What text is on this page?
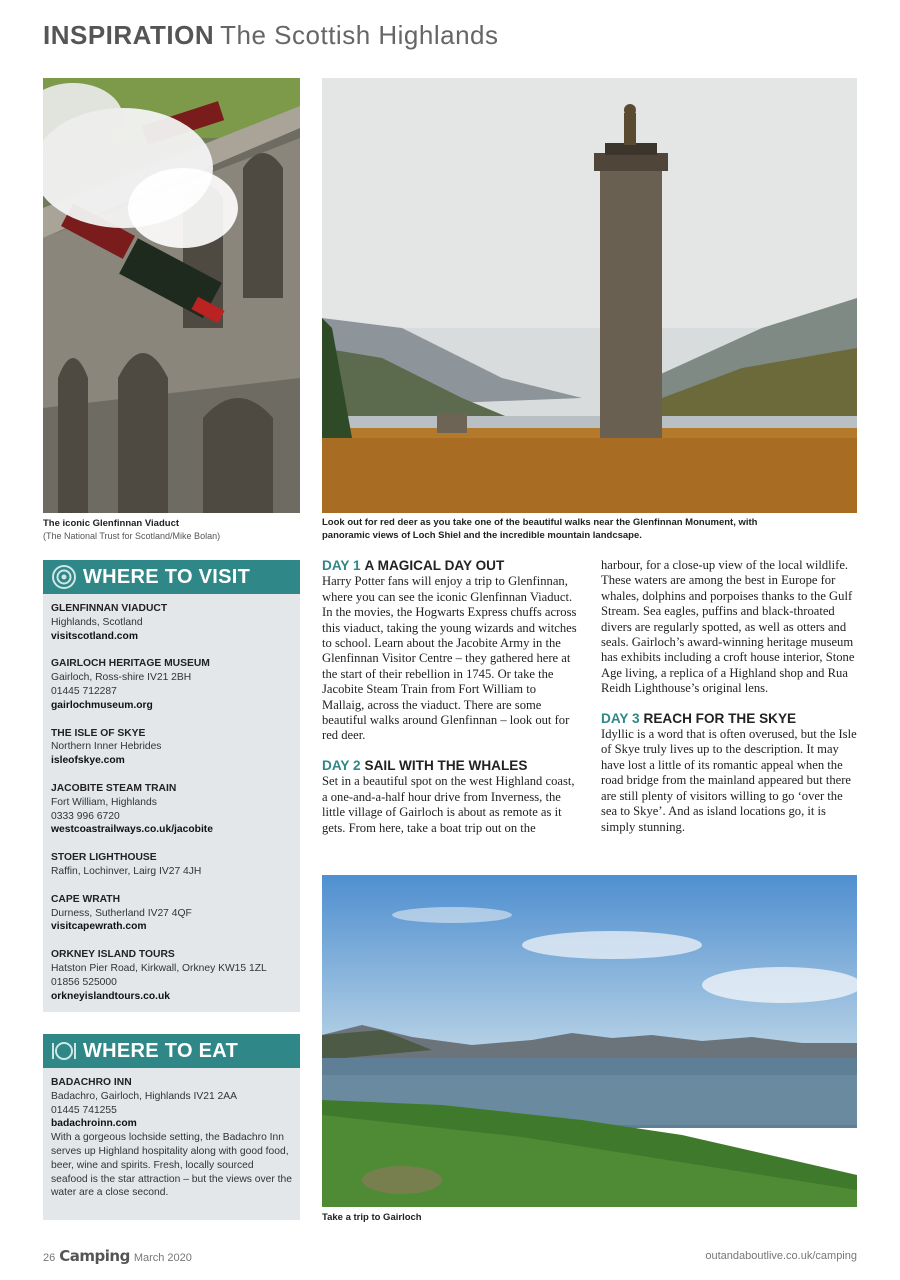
INSPIRATION The Scottish Highlands
The iconic Glenfinnan Viaduct
(The National Trust for Scotland/Mike Bolan)
Look out for red deer as you take one of the beautiful walks near the Glenfinnan Monument, with panoramic views of Loch Shiel and the incredible mountain landcsape.
WHERE TO VISIT
GLENFINNAN VIADUCT
Highlands, Scotland
visitscotland.com
GAIRLOCH HERITAGE MUSEUM
Gairloch, Ross-shire IV21 2BH
01445 712287
gairlochmuseum.org
THE ISLE OF SKYE
Northern Inner Hebrides
isleofskye.com
JACOBITE STEAM TRAIN
Fort William, Highlands
0333 996 6720
westcoastrailways.co.uk/jacobite
STOER LIGHTHOUSE
Raffin, Lochinver, Lairg IV27 4JH
CAPE WRATH
Durness, Sutherland IV27 4QF
visitcapewrath.com
ORKNEY ISLAND TOURS
Hatston Pier Road, Kirkwall, Orkney KW15 1ZL
01856 525000
orkneyislandtours.co.uk
WHERE TO EAT
BADACHRO INN
Badachro, Gairloch, Highlands IV21 2AA
01445 741255
badachroinn.com
With a gorgeous lochside setting, the Badachro Inn serves up Highland hospitality along with good food, beer, wine and spirits. Fresh, locally sourced seafood is the star attraction – but the views over the water are a close second.
DAY 1 A MAGICAL DAY OUT

Harry Potter fans will enjoy a trip to Glenfinnan, where you can see the iconic Glenfinnan Viaduct. In the movies, the Hogwarts Express chuffs across this viaduct, taking the young wizards and witches to school. Learn about the Jacobite Army in the Glenfinnan Visitor Centre – they gathered here at the start of their rebellion in 1745. Or take the Jacobite Steam Train from Fort William to Mallaig, across the viaduct. There are some beautiful walks around Glenfinnan – look out for red deer.

DAY 2 SAIL WITH THE WHALES

Set in a beautiful spot on the west Highland coast, a one-and-a-half hour drive from Inverness, the little village of Gairloch is about as remote as it gets. From here, take a boat trip out on the

harbour, for a close-up view of the local wildlife. These waters are among the best in Europe for whales, dolphins and porpoises thanks to the Gulf Stream. Sea eagles, puffins and black-throated divers are regularly spotted, as well as otters and seals. Gairloch’s award-winning heritage museum has exhibits including a croft house interior, Stone Age living, a replica of a Highland shop and Rua Reidh Lighthouse’s original lens.

DAY 3 REACH FOR THE SKYE

Idyllic is a word that is often overused, but the Isle of Skye truly lives up to the description. It may have lost a little of its romantic appeal when the road bridge from the mainland appeared but there are still plenty of visitors willing to go ‘over the sea to Skye’. And as island locations go, it is simply stunning.

Take a trip to Gairloch
26 Camping March 2020	outandaboutlive.co.uk/camping
